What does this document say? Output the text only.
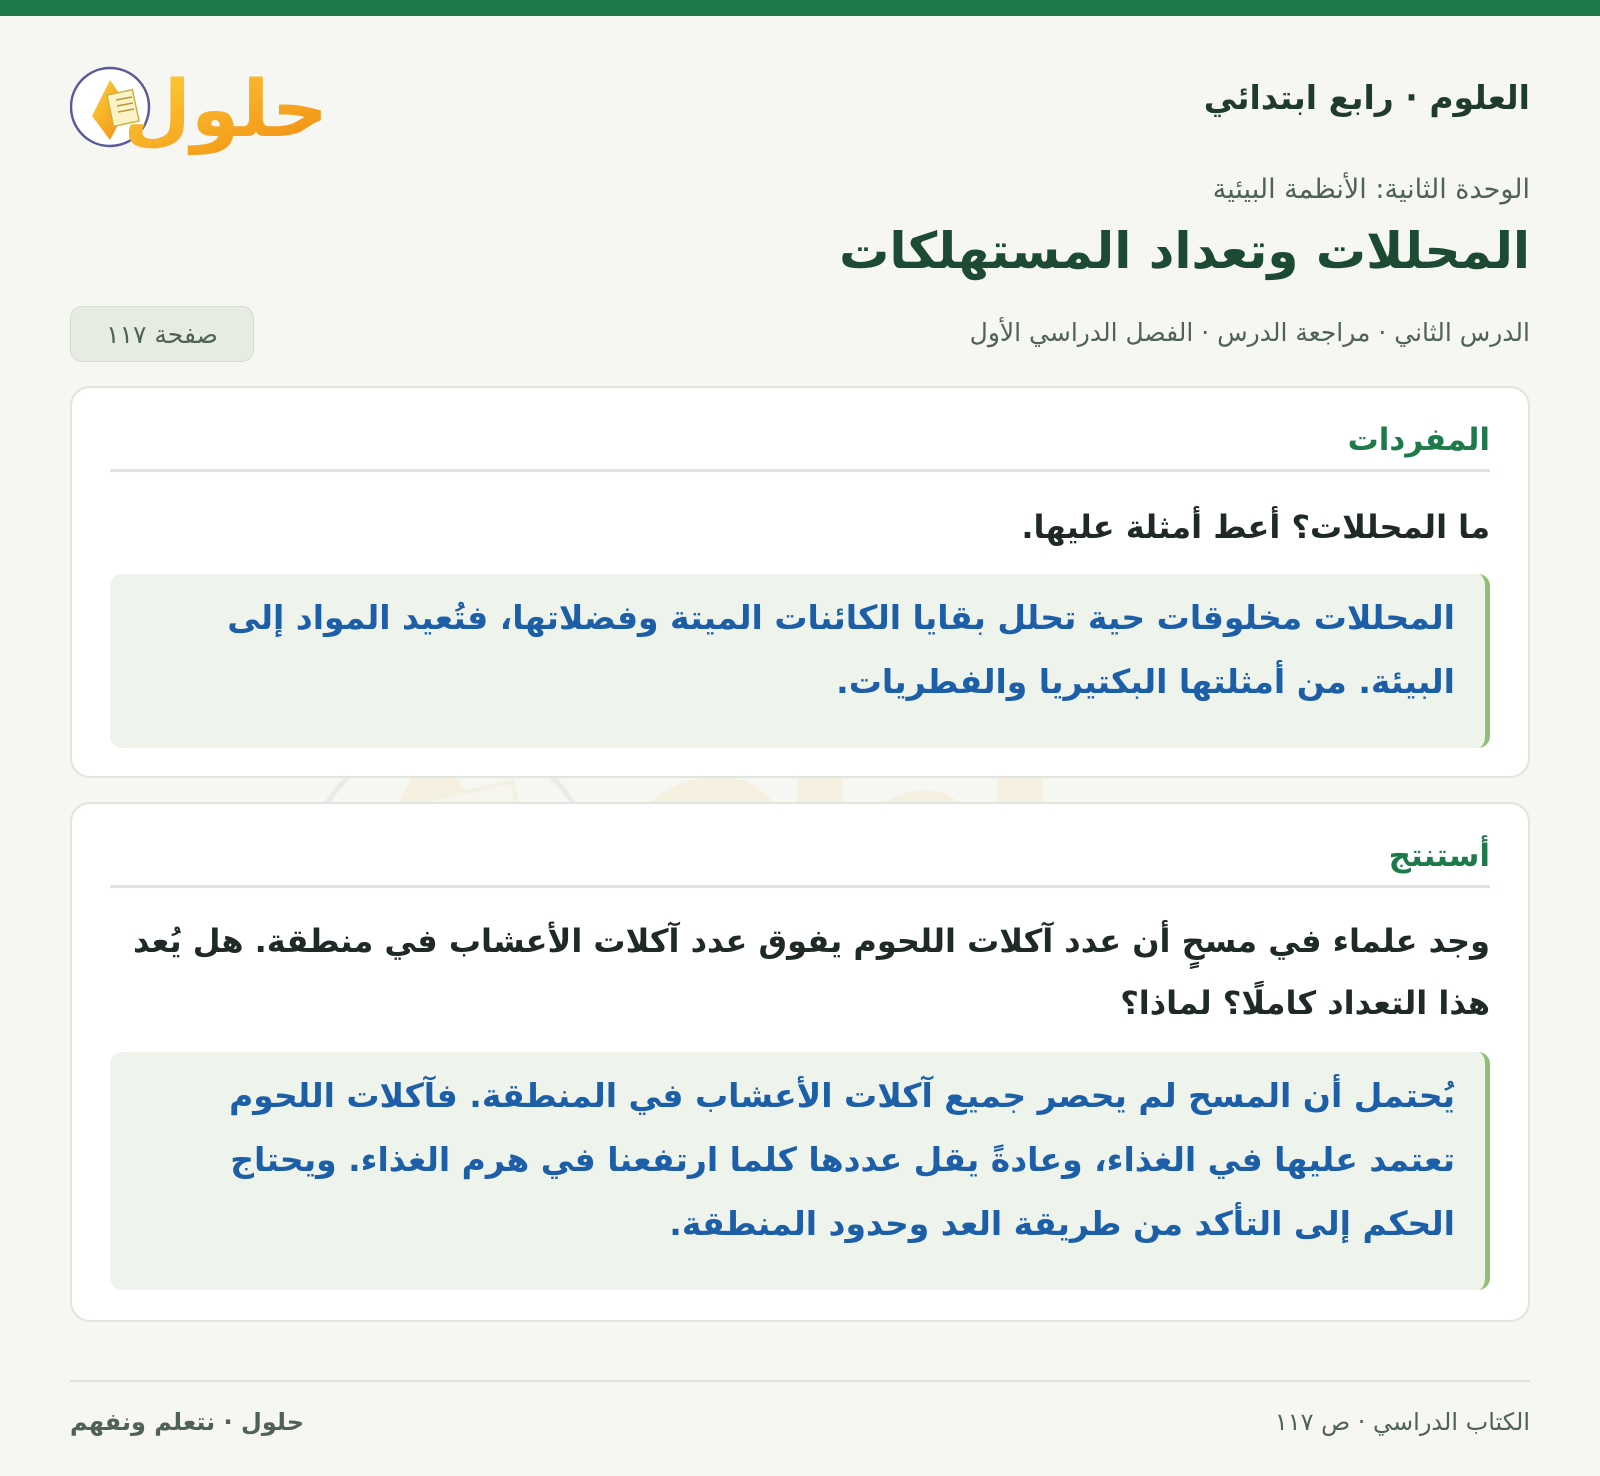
العلوم · رابع ابتدائي
حلول
الوحدة الثانية: الأنظمة البيئية
المحللات وتعداد المستهلكات
الدرس الثاني · مراجعة الدرس · الفصل الدراسي الأول
صفحة ١١٧
المفردات
ما المحللات؟ أعط أمثلة عليها.
المحللات مخلوقات حية تحلل بقايا الكائنات الميتة وفضلاتها، فتُعيد المواد إلى البيئة. من أمثلتها البكتيريا والفطريات.
أستنتج
وجد علماء في مسحٍ أن عدد آكلات اللحوم يفوق عدد آكلات الأعشاب في منطقة. هل يُعد هذا التعداد كاملًا؟ لماذا؟
يُحتمل أن المسح لم يحصر جميع آكلات الأعشاب في المنطقة. فآكلات اللحوم تعتمد عليها في الغذاء، وعادةً يقل عددها كلما ارتفعنا في هرم الغذاء. ويحتاج الحكم إلى التأكد من طريقة العد وحدود المنطقة.
الكتاب الدراسي · ص ١١٧
حلول · نتعلم ونفهم
